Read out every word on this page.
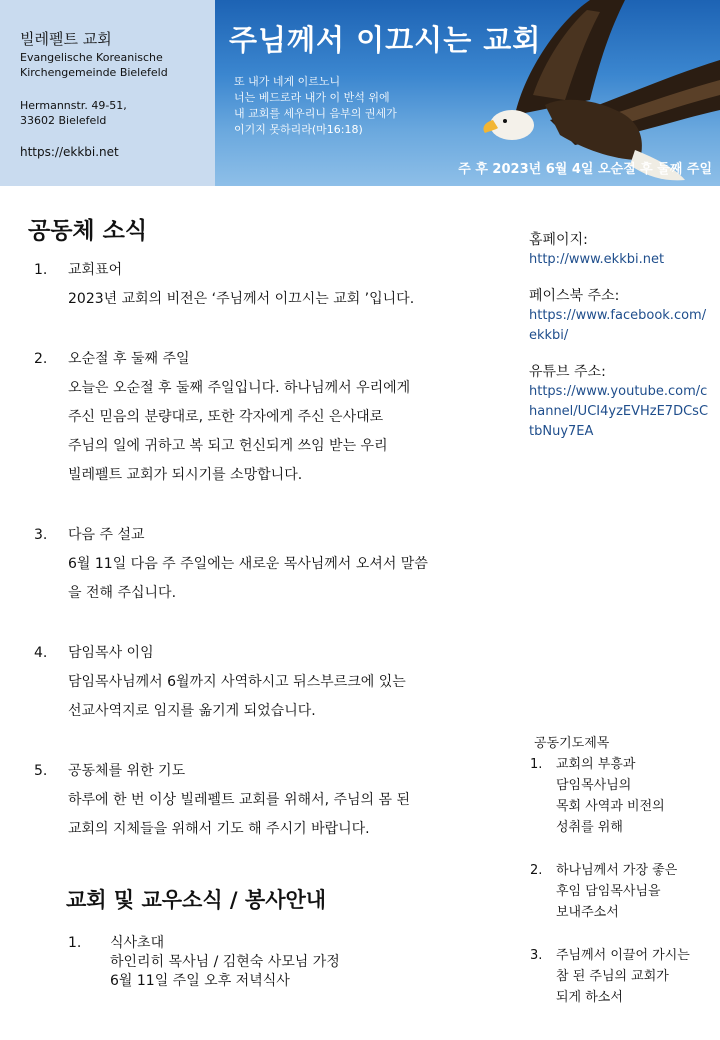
빌레펠트 교회
Evangelische Koreanische
Kirchengemeinde Bielefeld
Hermannstr. 49-51,
33602 Bielefeld
https://ekkbi.net
주님께서 이끄시는 교회
또 내가 네게 이르노니
너는 베드로라 내가 이 반석 위에
내 교회를 세우리니 음부의 권세가
이기지 못하리라(마16:18)
주 후 2023년 6월 4일 오순절 후 둘째 주일
공동체 소식
1.	교회표어
2023년 교회의 비전은 ‘주님께서 이끄시는 교회 ’입니다.
2.	오순절 후 둘째 주일
오늘은 오순절 후 둘째 주일입니다. 하나님께서 우리에게
주신 믿음의 분량대로, 또한 각자에게 주신 은사대로
주님의 일에 귀하고 복 되고 헌신되게 쓰임 받는 우리
빌레펠트 교회가 되시기를 소망합니다.
3.	다음 주 설교
6월 11일 다음 주 주일에는 새로운 목사님께서 오셔서 말씀
을 전해 주십니다.
4.	담임목사 이임
담임목사님께서 6월까지 사역하시고 뒤스부르크에 있는
선교사역지로 임지를 옮기게 되었습니다.
5.	공동체를 위한 기도
하루에 한 번 이상 빌레펠트 교회를 위해서, 주님의 몸 된
교회의 지체들을 위해서 기도 해 주시기 바랍니다.
교회 및 교우소식 / 봉사안내
1.	식사초대
하인리히 목사님 / 김현숙 사모님 가정
6월 11일 주일 오후 저녁식사
홈페이지:
http://www.ekkbi.net
페이스북 주소:
https://www.facebook.com/ekkbi/
유튜브 주소:
https://www.youtube.com/channel/UCI4yzEVHzE7DCsCtbNuy7EA
공동기도제목
1.	교회의 부흥과
담임목사님의
목회 사역과 비전의
성취를 위해
2.	하나님께서 가장 좋은
후임 담임목사님을
보내주소서
3.	주님께서 이끌어 가시는
참 된 주님의 교회가
되게 하소서
